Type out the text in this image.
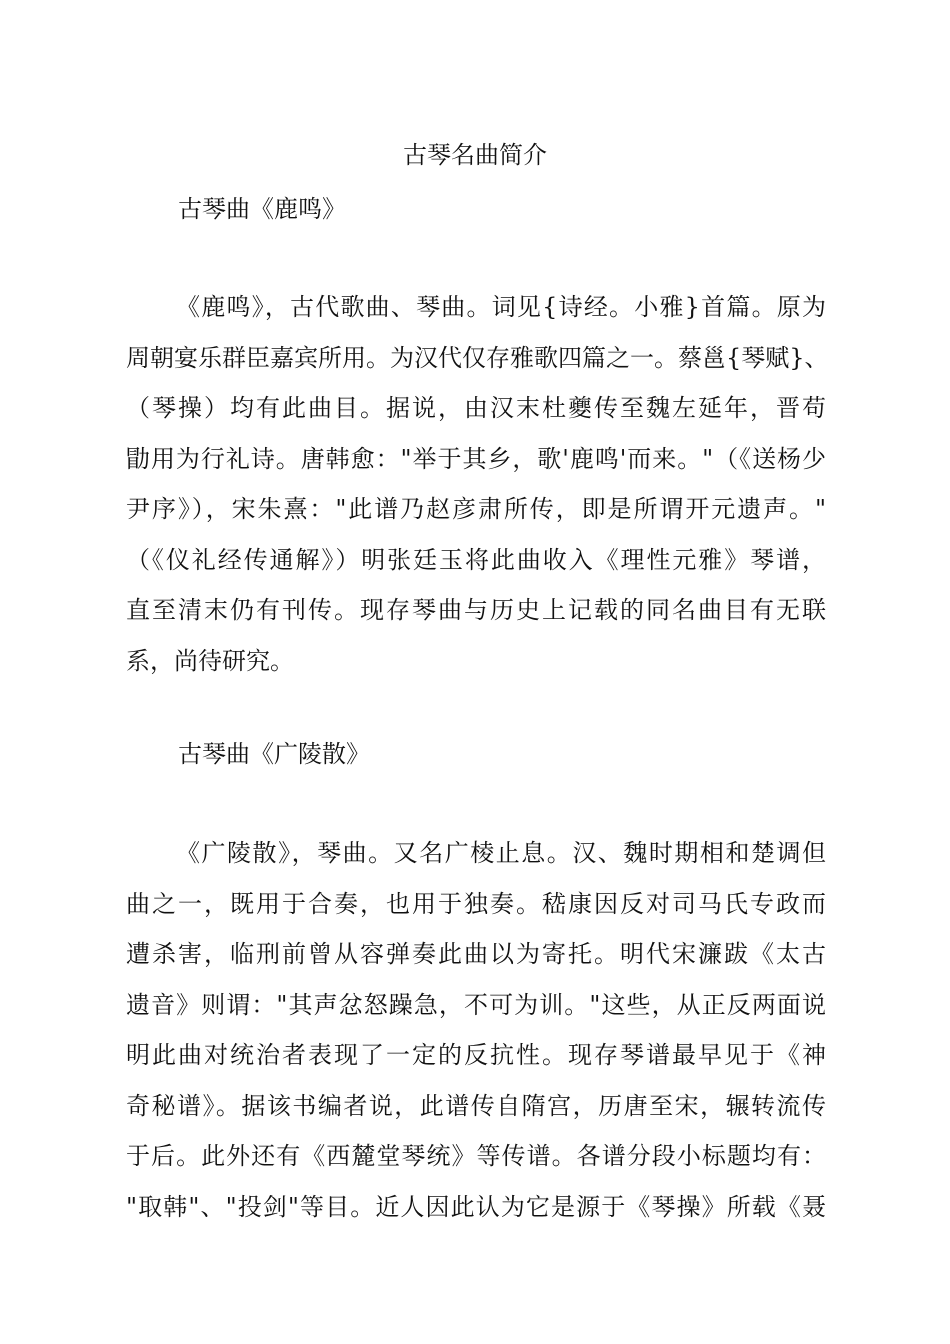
古琴名曲简介
古琴曲《鹿鸣》
《鹿鸣》，古代歌曲、琴曲。词见{诗经。小雅}首篇。原为
周朝宴乐群臣嘉宾所用。为汉代仅存雅歌四篇之一。蔡邕{琴赋}、
（琴操）均有此曲目。据说，由汉末杜夔传至魏左延年，晋苟
勖用为行礼诗。唐韩愈："举于其乡，歌'鹿鸣'而来。"（《送杨少
尹序》），宋朱熹："此谱乃赵彦肃所传，即是所谓开元遗声。"
（《仪礼经传通解》）明张廷玉将此曲收入《理性元雅》琴谱，
直至清末仍有刊传。现存琴曲与历史上记载的同名曲目有无联
系，尚待研究。
古琴曲《广陵散》
《广陵散》，琴曲。又名广棱止息。汉、魏时期相和楚调但
曲之一，既用于合奏，也用于独奏。嵇康因反对司马氏专政而
遭杀害，临刑前曾从容弹奏此曲以为寄托。明代宋濂跋《太古
遗音》则谓："其声忿怒躁急，不可为训。"这些，从正反两面说
明此曲对统治者表现了一定的反抗性。现存琴谱最早见于《神
奇秘谱》。据该书编者说，此谱传自隋宫，历唐至宋，辗转流传
于后。此外还有《西麓堂琴统》等传谱。各谱分段小标题均有：
"取韩"、"投剑"等目。近人因此认为它是源于《琴操》所载《聂
